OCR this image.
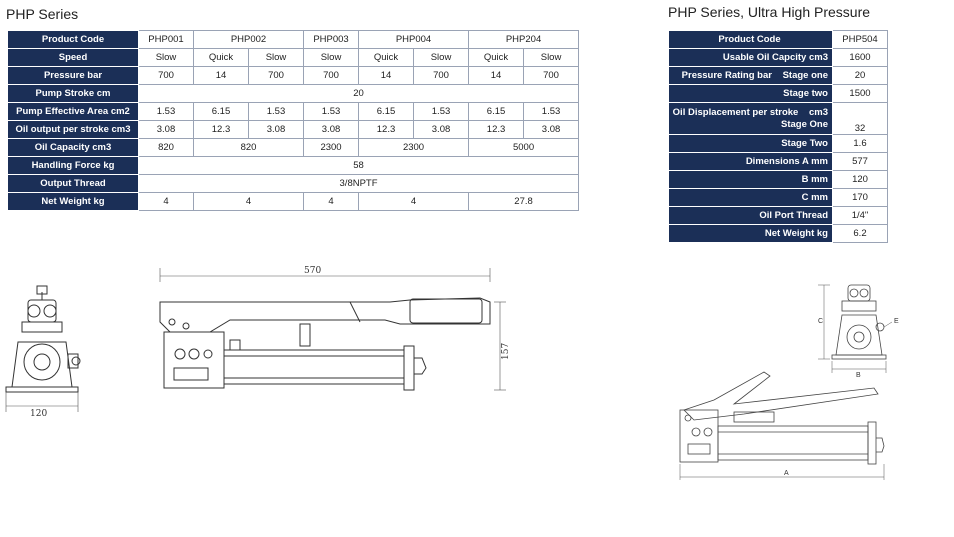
PHP Series	PHP Series, Ultra High Pressure
Product Code	PHP001	PHP002		PHP003	PHP004		PHP204	
Speed	Slow	Quick	Slow	Slow	Quick	Slow	Quick	Slow
Pressure bar	700	14	700	700	14	700	14	700
Pump Stroke cm	20							
Pump Effective Area cm2	1.53	6.15	1.53	1.53	6.15	1.53	6.15	1.53
Oil output per stroke cm3	3.08	12.3	3.08	3.08	12.3	3.08	12.3	3.08
Oil Capacity cm3	820	820		2300	2300		5000	
Handling Force kg	58							
Output Thread	3/8NPTF							
Net Weight kg	4	4		4	4		27.8	
Product Code	PHP504
Usable Oil Capcity cm3	1600
Pressure Rating bar Stage one	20
Stage two	1500

Oil Displacement per stroke cm3
Stage One	32
Stage Two	1.6
Dimensions A mm	577
B mm	120
C mm	170
Oil Port Thread	1/4"
Net Weight kg	6.2
120
570
157
B
C	E
A
